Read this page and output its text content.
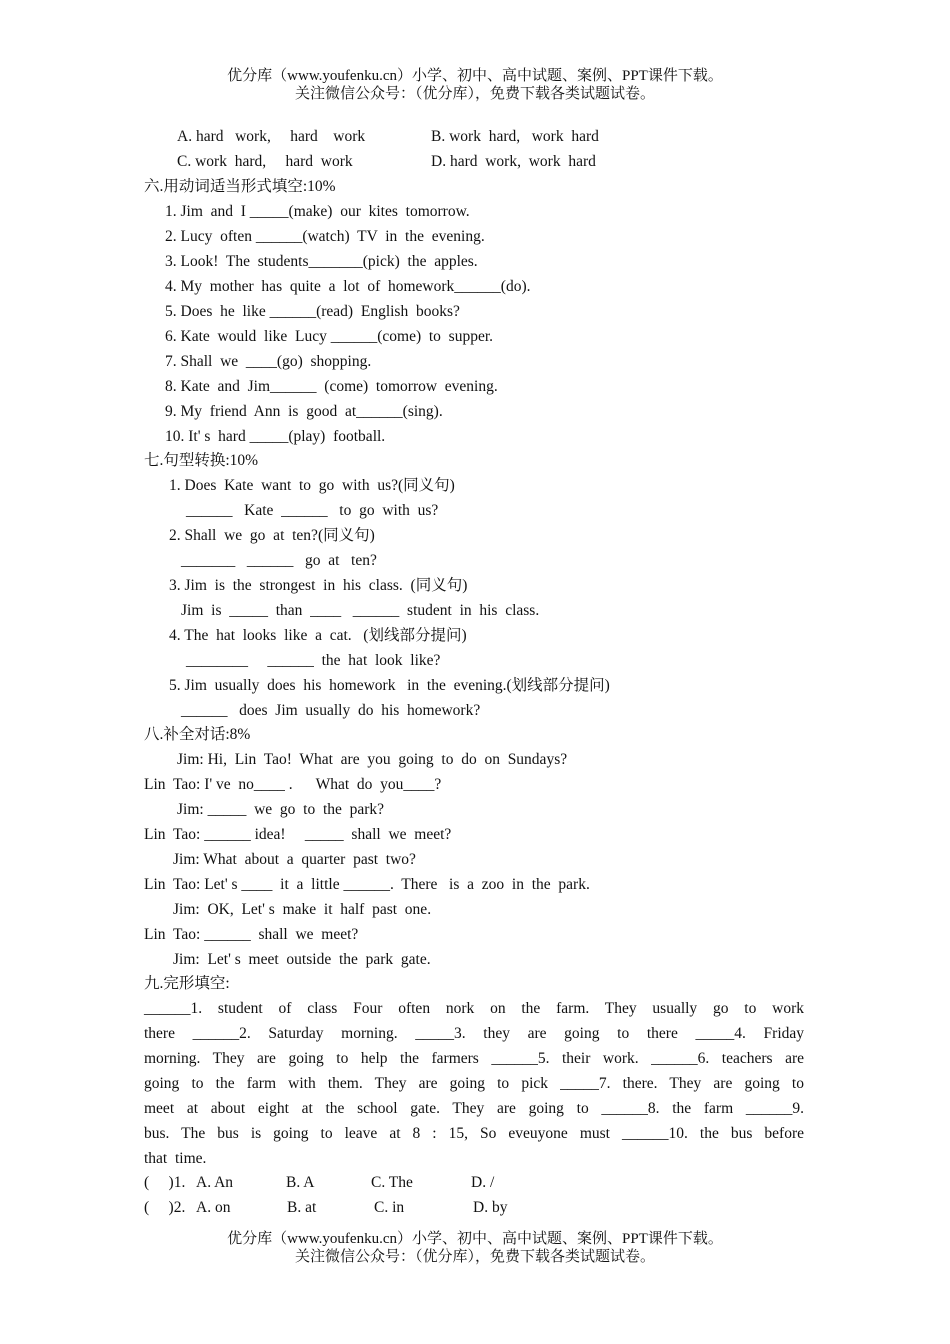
优分库（www.youfenku.cn）小学、初中、高中试题、案例、PPT课件下载。
关注微信公众号：（优分库），免费下载各类试题试卷。
A. hard   work,     hard    work	B. work  hard,   work  hard
C. work  hard,     hard  work	D. hard  work,  work  hard
六.用动词适当形式填空:10%
1. Jim  and  I _____(make)  our  kites  tomorrow.
2. Lucy  often ______(watch)  TV  in  the  evening.
3. Look!  The  students_______(pick)  the  apples.
4. My  mother  has  quite  a  lot  of  homework______(do).
5. Does  he  like ______(read)  English  books?
6. Kate  would  like  Lucy ______(come)  to  supper.
7. Shall  we  ____(go)  shopping.
8. Kate  and  Jim______  (come)  tomorrow  evening.
9. My  friend  Ann  is  good  at______(sing).
10. It' s  hard _____(play)  football.
七.句型转换:10%
1. Does  Kate  want  to  go  with  us?(同义句)
______   Kate  ______   to  go  with  us?
2. Shall  we  go  at  ten?(同义句)
_______   ______   go  at   ten?
3. Jim  is  the  strongest  in  his  class.  (同义句)
Jim  is  _____  than  ____   ______  student  in  his  class.
4. The  hat  looks  like  a  cat.   (划线部分提问)
________     ______  the  hat  look  like?
5. Jim  usually  does  his  homework   in  the  evening.(划线部分提问)
______   does  Jim  usually  do  his  homework?
八.补全对话:8%
Jim: Hi,  Lin  Tao!  What  are  you  going  to  do  on  Sundays?
Lin  Tao: I' ve  no____ .      What  do  you____?
Jim: _____  we  go  to  the  park?
Lin  Tao: ______ idea!     _____  shall  we  meet?
Jim: What  about  a  quarter  past  two?
Lin  Tao: Let' s ____  it  a  little ______.  There   is  a  zoo  in  the  park.
Jim:  OK,  Let' s  make  it  half  past  one.
Lin  Tao: ______  shall  we  meet?
Jim:  Let' s  meet  outside  the  park  gate.
九.完形填空:
______1. student of class Four often nork on the farm. They usually go to work
there ______2. Saturday morning. _____3. they are going to there _____4. Friday
morning. They are going to help the farmers ______5. their work. ______6. teachers are
going to the farm with them. They are going to pick _____7. there. They are going to
meet at about eight at the school gate. They are going to ______8. the farm ______9.
bus. The bus is going to leave at 8 : 15, So eveuyone must ______10. the bus before
that  time.
(     )1. A. An	B. A	C. The	D. /
(     )2. A. on	B. at	C. in	D. by
优分库（www.youfenku.cn）小学、初中、高中试题、案例、PPT课件下载。
关注微信公众号：（优分库），免费下载各类试题试卷。
